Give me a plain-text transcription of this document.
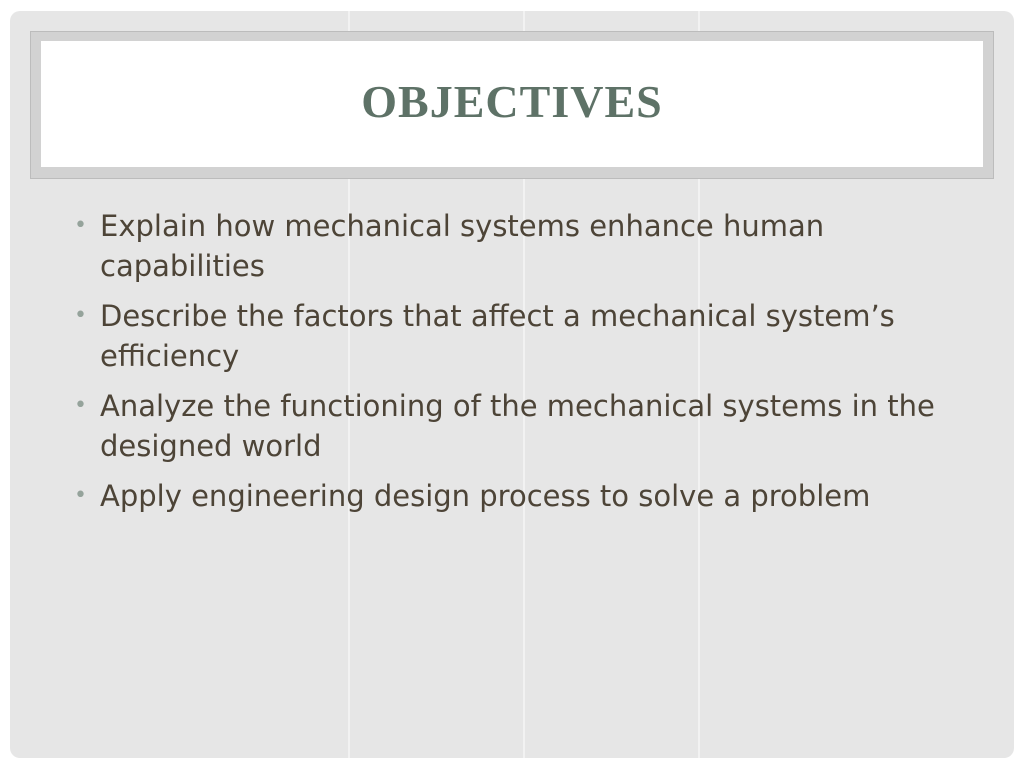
OBJECTIVES
• Explain how mechanical systems enhance human capabilities
• Describe the factors that affect a mechanical system’s efficiency
• Analyze the functioning of the mechanical systems in the designed world
• Apply engineering design process to solve a problem
